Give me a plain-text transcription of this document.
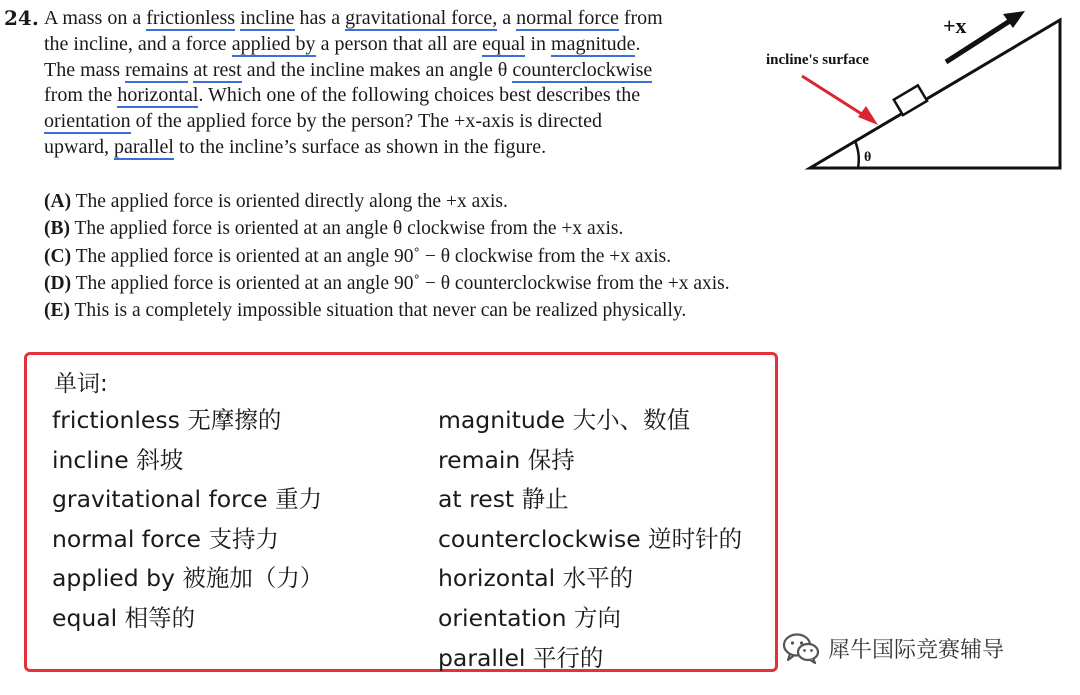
24. A mass on a frictionless incline has a gravitational force, a normal force from
the incline, and a force applied by a person that all are equal in magnitude.
The mass remains at rest and the incline makes an angle θ counterclockwise
from the horizontal. Which one of the following choices best describes the
orientation of the applied force by the person? The +x-axis is directed
upward, parallel to the incline’s surface as shown in the figure.
(A) The applied force is oriented directly along the +x axis.
(B) The applied force is oriented at an angle θ clockwise from the +x axis.
(C) The applied force is oriented at an angle 90˚ − θ clockwise from the +x axis.
(D) The applied force is oriented at an angle 90˚ − θ counterclockwise from the +x axis.
(E) This is a completely impossible situation that never can be realized physically.
θ
+x
incline's surface
单词:
frictionless 无摩擦的
incline 斜坡
gravitational force 重力
normal force 支持力
applied by 被施加（力）
equal 相等的
magnitude 大小、数值
remain 保持
at rest 静止
counterclockwise 逆时针的
horizontal 水平的
orientation 方向
parallel 平行的	犀牛国际竞赛辅导
